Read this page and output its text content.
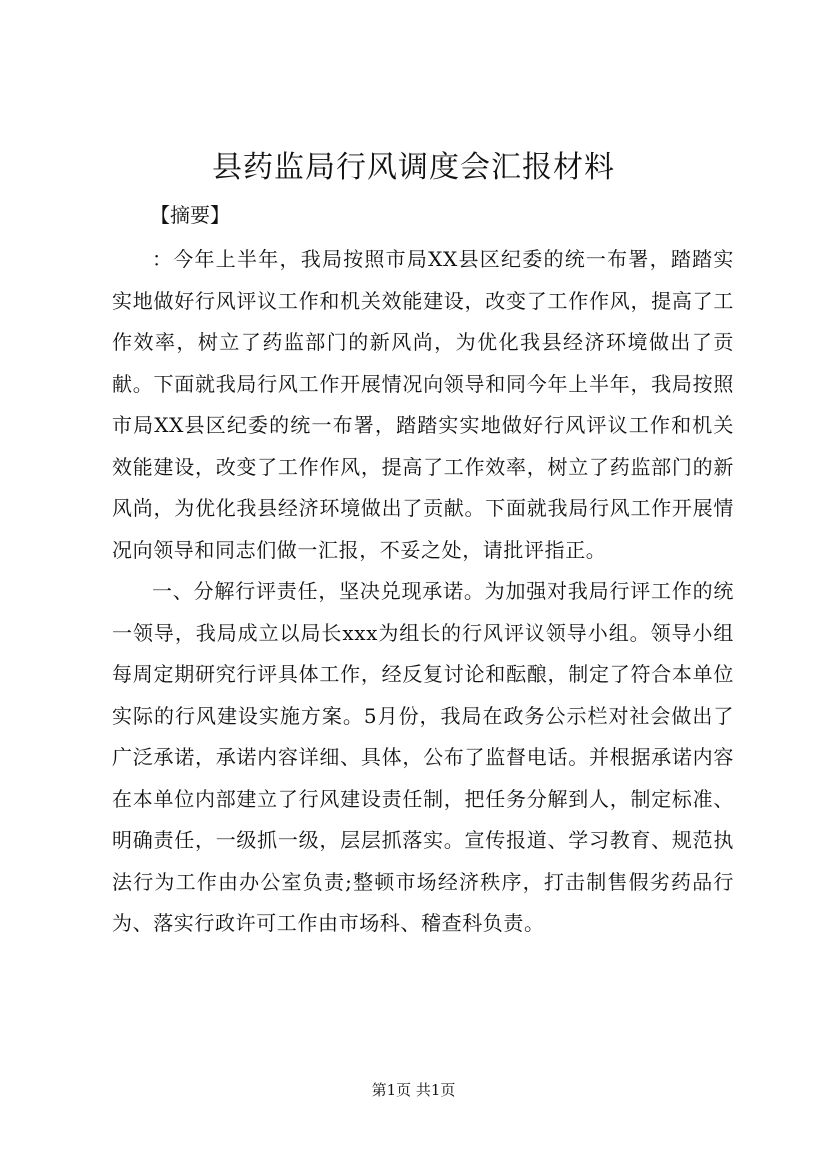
县药监局行风调度会汇报材料
【摘要】

：今年上半年，我局按照市局XX县区纪委的统一布署，踏踏实实地做好行风评议工作和机关效能建设，改变了工作作风，提高了工作效率，树立了药监部门的新风尚，为优化我县经济环境做出了贡献。下面就我局行风工作开展情况向领导和同今年上半年，我局按照市局XX县区纪委的统一布署，踏踏实实地做好行风评议工作和机关效能建设，改变了工作作风，提高了工作效率，树立了药监部门的新风尚，为优化我县经济环境做出了贡献。下面就我局行风工作开展情况向领导和同志们做一汇报，不妥之处，请批评指正。

一、分解行评责任，坚决兑现承诺。为加强对我局行评工作的统一领导，我局成立以局长xxx为组长的行风评议领导小组。领导小组每周定期研究行评具体工作，经反复讨论和酝酿，制定了符合本单位实际的行风建设实施方案。5月份，我局在政务公示栏对社会做出了广泛承诺，承诺内容详细、具体，公布了监督电话。并根据承诺内容在本单位内部建立了行风建设责任制，把任务分解到人，制定标准、明确责任，一级抓一级，层层抓落实。宣传报道、学习教育、规范执法行为工作由办公室负责;整顿市场经济秩序，打击制售假劣药品行为、落实行政许可工作由市场科、稽查科负责。

第1页 共1页
